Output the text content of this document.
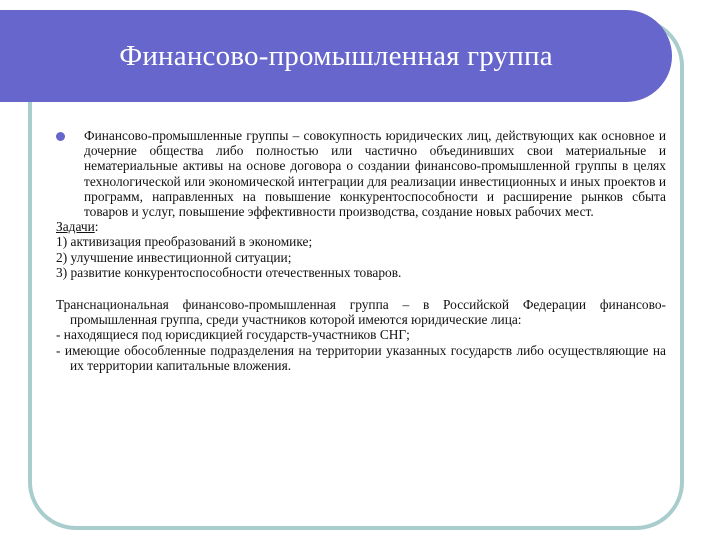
Финансово-промышленная группа
Финансово-промышленные группы – совокупность юридических лиц, действующих как основное и дочерние общества либо полностью или частично объединивших свои материальные и нематериальные активы на основе договора о создании финансово-промышленной группы в целях технологической или экономической интеграции для реализации инвестиционных и иных проектов и программ, направленных на повышение конкурентоспособности и расширение рынков сбыта товаров и услуг, повышение эффективности производства, создание новых рабочих мест.
Задачи:
1) активизация преобразований в экономике;
2) улучшение инвестиционной ситуации;
3) развитие конкурентоспособности отечественных товаров.
Транснациональная финансово-промышленная группа – в Российской Федерации финансово-промышленная группа, среди участников которой имеются юридические лица:
- находящиеся под юрисдикцией государств-участников СНГ;
- имеющие обособленные подразделения на территории указанных государств либо осуществляющие на их территории капитальные вложения.
